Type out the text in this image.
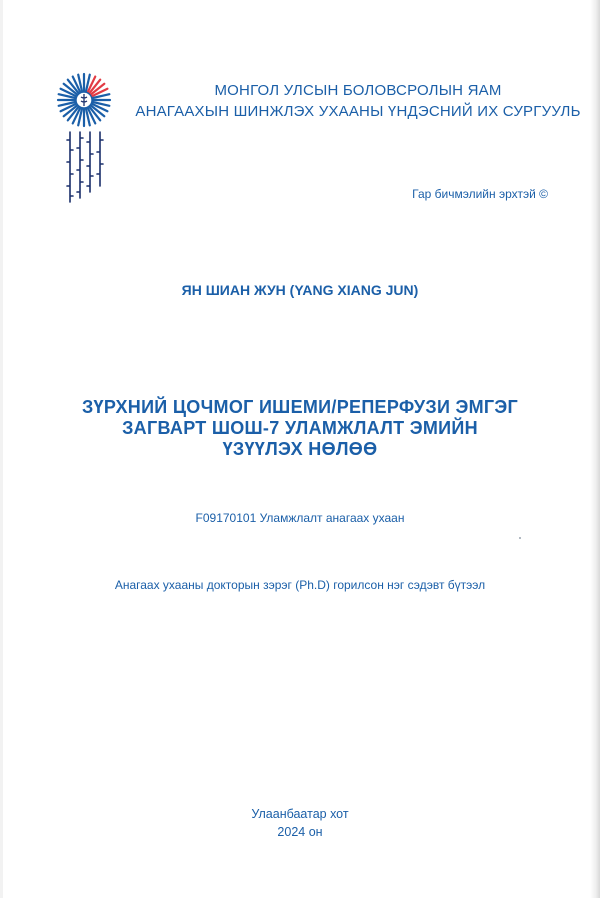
МОНГОЛ УЛСЫН БОЛОВСРОЛЫН ЯАМ
АНАГААХЫН ШИНЖЛЭХ УХААНЫ ҮНДЭСНИЙ ИХ СУРГУУЛЬ
Гар бичмэлийн эрхтэй ©
ЯН ШИАН ЖУН (YANG XIANG JUN)
ЗҮРХНИЙ ЦОЧМОГ ИШЕМИ/РЕПЕРФУЗИ ЭМГЭГ
ЗАГВАРТ ШОШ-7 УЛАМЖЛАЛТ ЭМИЙН
ҮЗҮҮЛЭХ НӨЛӨӨ
F09170101 Уламжлалт анагаах ухаан
Анагаах ухааны докторын зэрэг (Ph.D) горилсон нэг сэдэвт бүтээл
Улаанбаатар хот
2024 он
